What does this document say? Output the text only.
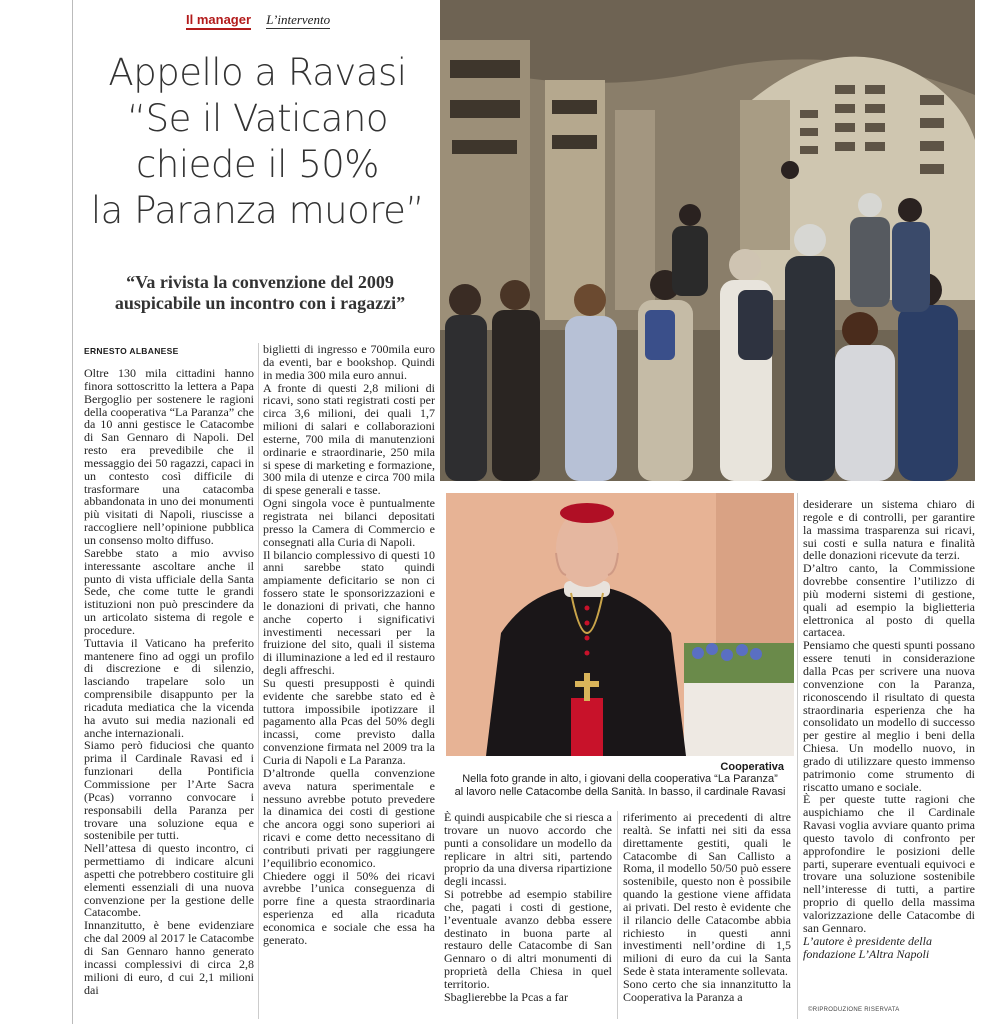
Il manager L’intervento
Appello a Ravasi
“Se il Vaticano
chiede il 50%
la Paranza muore”
“Va rivista la convenzione del 2009
auspicabile un incontro con i ragazzi”
ERNESTO ALBANESE

Oltre 130 mila cittadini hanno finora sottoscritto la lettera a Papa Bergoglio per sostenere le ragioni della cooperativa “La Paranza” che da 10 anni gestisce le Catacombe di San Gennaro di Napoli. Del resto era prevedibile che il messaggio dei 50 ragazzi, capaci in un contesto così difficile di trasformare una catacomba abbandonata in uno dei monumenti più visitati di Napoli, riuscisse a raccogliere nell’opinione pubblica un consenso molto diffuso.

Sarebbe stato a mio avviso interessante ascoltare anche il punto di vista ufficiale della Santa Sede, che come tutte le grandi istituzioni non può prescindere da un articolato sistema di regole e procedure.

Tuttavia il Vaticano ha preferito mantenere fino ad oggi un profilo di discrezione e di silenzio, lasciando trapelare solo un comprensibile disappunto per la ricaduta mediatica che la vicenda ha avuto sui media nazionali ed anche internazionali.

Siamo però fiduciosi che quanto prima il Cardinale Ravasi ed i funzionari della Pontificia Commissione per l’Arte Sacra (Pcas) vorranno convocare i responsabili della Paranza per trovare una soluzione equa e sostenibile per tutti.

Nell’attesa di questo incontro, ci permettiamo di indicare alcuni aspetti che potrebbero costituire gli elementi essenziali di una nuova convenzione per la gestione delle Catacombe.

Innanzitutto, è bene evidenziare che dal 2009 al 2017 le Catacombe di San Gennaro hanno generato incassi complessivi di circa 2,8 milioni di euro, d cui 2,1 milioni dai

biglietti di ingresso e 700mila euro da eventi, bar e bookshop. Quindi in media 300 mila euro annui.

A fronte di questi 2,8 milioni di ricavi, sono stati registrati costi per circa 3,6 milioni, dei quali 1,7 milioni di salari e collaborazioni esterne, 700 mila di manutenzioni ordinarie e straordinarie, 250 mila si spese di marketing e formazione, 300 mila di utenze e circa 700 mila di spese generali e tasse.

Ogni singola voce è puntualmente registrata nei bilanci depositati presso la Camera di Commercio e consegnati alla Curia di Napoli.

Il bilancio complessivo di questi 10 anni sarebbe stato quindi ampiamente deficitario se non ci fossero state le sponsorizzazioni e le donazioni di privati, che hanno anche coperto i significativi investimenti necessari per la fruizione del sito, quali il sistema di illuminazione a led ed il restauro degli affreschi.

Su questi presupposti è quindi evidente che sarebbe stato ed è tuttora impossibile ipotizzare il pagamento alla Pcas del 50% degli incassi, come previsto dalla convenzione firmata nel 2009 tra la Curia di Napoli e La Paranza.

D’altronde quella convenzione aveva natura sperimentale e nessuno avrebbe potuto prevedere la dinamica dei costi di gestione che ancora oggi sono superiori ai ricavi e come detto necessitano di contributi privati per raggiungere l’equilibrio economico.

Chiedere oggi il 50% dei ricavi avrebbe l’unica conseguenza di porre fine a questa straordinaria esperienza ed alla ricaduta economica e sociale che essa ha generato.

Cooperativa
Nella foto grande in alto, i giovani della cooperativa “La Paranza”
al lavoro nelle Catacombe della Sanità. In basso, il cardinale Ravasi

È quindi auspicabile che si riesca a trovare un nuovo accordo che punti a consolidare un modello da replicare in altri siti, partendo proprio da una diversa ripartizione degli incassi.

Si potrebbe ad esempio stabilire che, pagati i costi di gestione, l’eventuale avanzo debba essere destinato in buona parte al restauro delle Catacombe di San Gennaro o di altri monumenti di proprietà della Chiesa in quel territorio.

Sbaglierebbe la Pcas a far

riferimento ai precedenti di altre realtà. Se infatti nei siti da essa direttamente gestiti, quali le Catacombe di San Callisto a Roma, il modello 50/50 può essere sostenibile, questo non è possibile quando la gestione viene affidata ai privati. Del resto è evidente che il rilancio delle Catacombe abbia richiesto in questi anni investimenti nell’ordine di 1,5 milioni di euro da cui la Santa Sede è stata interamente sollevata.

Sono certo che sia innanzitutto la Cooperativa la Paranza a

desiderare un sistema chiaro di regole e di controlli, per garantire la massima trasparenza sui ricavi, sui costi e sulla natura e finalità delle donazioni ricevute da terzi.

D’altro canto, la Commissione dovrebbe consentire l’utilizzo di più moderni sistemi di gestione, quali ad esempio la biglietteria elettronica al posto di quella cartacea.

Pensiamo che questi spunti possano essere tenuti in considerazione dalla Pcas per scrivere una nuova convenzione con la Paranza, riconoscendo il risultato di questa straordinaria esperienza che ha consolidato un modello di successo per gestire al meglio i beni della Chiesa. Un modello nuovo, in grado di utilizzare questo immenso patrimonio come strumento di riscatto umano e sociale.

È per queste tutte ragioni che auspichiamo che il Cardinale Ravasi voglia avviare quanto prima questo tavolo di confronto per approfondire le posizioni delle parti, superare eventuali equivoci e trovare una soluzione sostenibile nell’interesse di tutti, a partire proprio di quello della massima valorizzazione delle Catacombe di san Gennaro.

L’autore è presidente della
fondazione L’Altra Napoli

©RIPRODUZIONE RISERVATA
